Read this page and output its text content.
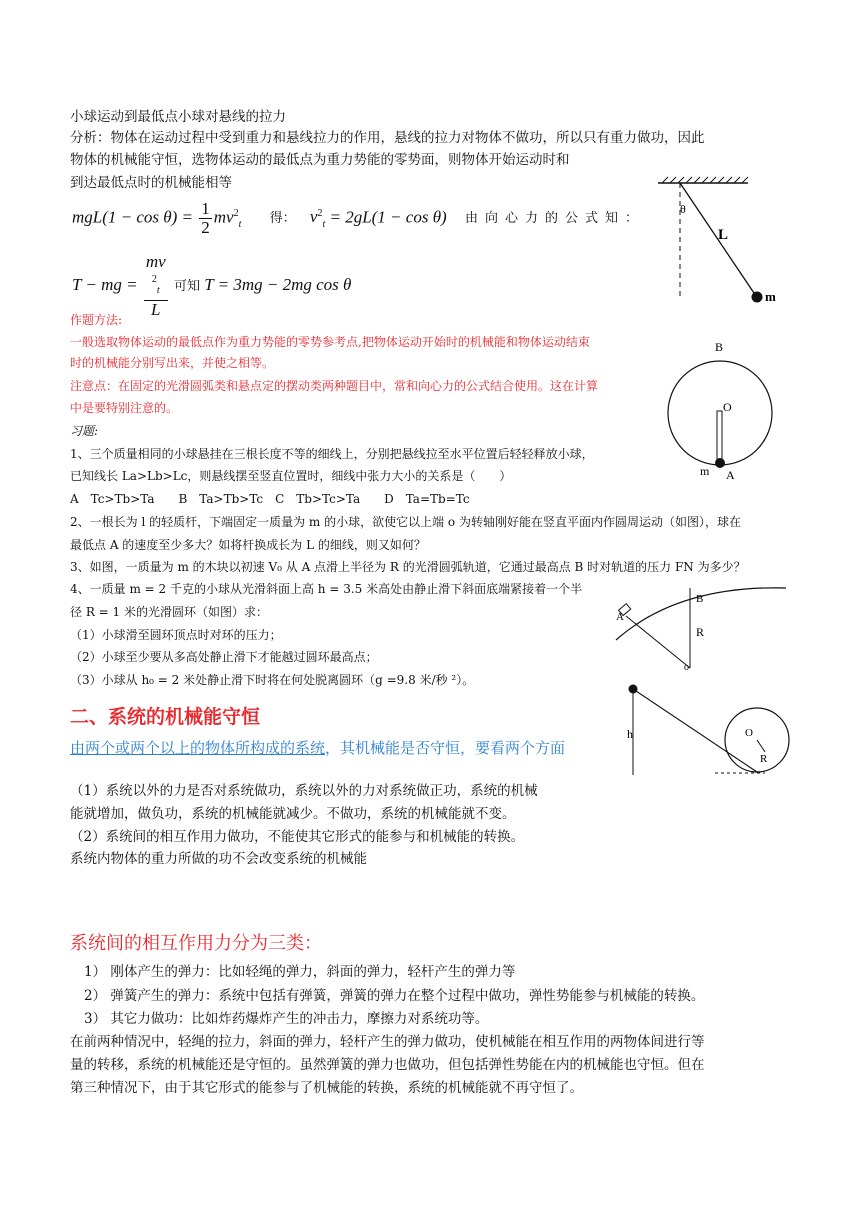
小球运动到最低点小球对悬线的拉力
分析：物体在运动过程中受到重力和悬线拉力的作用，悬线的拉力对物体不做功，所以只有重力做功，因此
物体的机械能守恒，选物体运动的最低点为重力势能的零势面，则物体开始运动时和
到达最低点时的机械能相等
$mgL(1 - \cos \theta) = \frac{1}{2} mv^2_t$ 得： $v^2_t = 2gL(1 - \cos \theta)$ 由向心力的公式知：
T − mg = mv
$^2_t$
L 可知 T = 3mg − 2mg cos θ
作题方法:
一般选取物体运动的最低点作为重力势能的零势参考点,把物体运动开始时的机械能和物体运动结束
时的机械能分别写出来，并使之相等。
注意点：在固定的光滑圆弧类和悬点定的摆动类两种题目中，常和向心力的公式结合使用。这在计算
中是要特别注意的。
习题:
1、三个质量相同的小球悬挂在三根长度不等的细线上，分别把悬线拉至水平位置后轻轻释放小球，
已知线长 La>Lb>Lc，则悬线摆至竖直位置时，细线中张力大小的关系是（　　）
A　Tc>Tb>Ta　　B　Ta>Tb>Tc　C　Tb>Tc>Ta　　D　Ta=Tb=Tc
2、一根长为 l 的轻质杆，下端固定一质量为 m 的小球，欲使它以上端 o 为转轴刚好能在竖直平面内作圆周运动（如图），球在
最低点 A 的速度至少多大？如将杆换成长为 L 的细线，则又如何？
3、如图，一质量为 m 的木块以初速 V₀ 从 A 点滑上半径为 R 的光滑圆弧轨道，它通过最高点 B 时对轨道的压力 FN 为多少？
4、一质量 m = 2 千克的小球从光滑斜面上高 h = 3.5 米高处由静止滑下斜面底端紧接着一个半
径 R = 1 米的光滑圆环（如图）求：
（1）小球滑至圆环顶点时对环的压力；
（2）小球至少要从多高处静止滑下才能越过圆环最高点；
（3）小球从 h₀ = 2 米处静止滑下时将在何处脱离圆环（g =9.8 米/秒 ²）。
二、系统的机械能守恒
由两个或两个以上的物体所构成的系统，其机械能是否守恒，要看两个方面
（1）系统以外的力是否对系统做功，系统以外的力对系统做正功，系统的机械
能就增加，做负功，系统的机械能就减少。不做功，系统的机械能就不变。
（2）系统间的相互作用力做功，不能使其它形式的能参与和机械能的转换。
系统内物体的重力所做的功不会改变系统的机械能
系统间的相互作用力分为三类：
1） 刚体产生的弹力：比如轻绳的弹力，斜面的弹力，轻杆产生的弹力等
2） 弹簧产生的弹力：系统中包括有弹簧，弹簧的弹力在整个过程中做功，弹性势能参与机械能的转换。
3） 其它力做功：比如炸药爆炸产生的冲击力，摩擦力对系统功等。
在前两种情况中，轻绳的拉力，斜面的弹力，轻杆产生的弹力做功，使机械能在相互作用的两物体间进行等
量的转移，系统的机械能还是守恒的。虽然弹簧的弹力也做功，但包括弹性势能在内的机械能也守恒。但在
第三种情况下，由于其它形式的能参与了机械能的转换，系统的机械能就不再守恒了。
θ
L
m
B
O
m A
A
B
R
o
h	O
R
